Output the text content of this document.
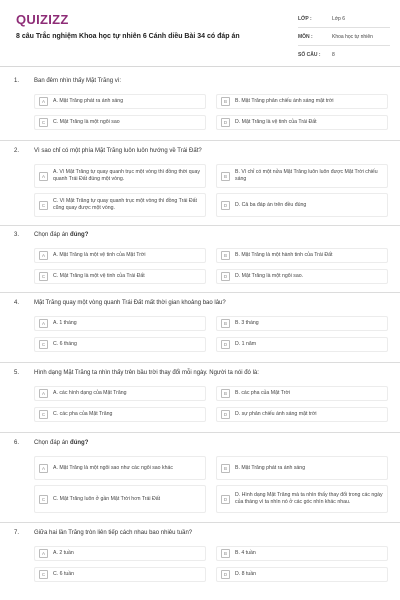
QUIZIZZ
8 câu Trắc nghiệm Khoa học tự nhiên 6 Cánh diều Bài 34 có đáp án
LỚP :	Lớp 6
MÔN :	Khoa học tự nhiên
SỐ CÂU :	8
1. Ban đêm nhìn thấy Mặt Trăng vì:
A	A. Mặt Trăng phát ra ánh sáng	B	B. Mặt Trăng phản chiếu ánh sáng mặt trời
C	C. Mặt Trăng là một ngôi sao	D	D. Mặt Trăng là vệ tinh của Trái Đất
2. Vì sao chỉ có một phía Mặt Trăng luôn luôn hướng về Trái Đất?
A
A. Vì Mặt Trăng tự quay quanh trục một vòng thì đồng thời quay quanh Trái Đất đúng một vòng.	B
B. Vì chỉ có một nửa Mặt Trăng luôn luôn được Mặt Trời chiếu sáng
C
C. Vì Mặt Trăng tự quay quanh trục một vòng thì đồng Trái Đất cũng quay được một vòng.	D	D. Cả ba đáp án trên đều đúng
3. Chọn đáp án đúng?
A	A. Mặt Trăng là một vệ tinh của Mặt Trời	B	B. Mặt Trăng là một hành tinh của Trái Đất
C	C. Mặt Trăng là một vệ tinh của Trái Đất	D	D. Mặt Trăng là một ngôi sao.
4. Mặt Trăng quay một vòng quanh Trái Đất mất thời gian khoảng bao lâu?
A	A. 1 tháng	B	B. 3 tháng
C	C. 6 tháng	D	D. 1 năm
5. Hình dạng Mặt Trăng ta nhìn thấy trên bầu trời thay đổi mỗi ngày. Người ta nói đó là:
A	A. các hình dạng của Mặt Trăng	B	B. các pha của Mặt Trời
C	C. các pha của Mặt Trăng	D	D. sự phản chiếu ánh sáng mặt trời
6. Chọn đáp án đúng?
A	A. Mặt Trăng là một ngôi sao như các ngôi sao khác	B	B. Mặt Trăng phát ra ánh sáng
C	C. Mặt Trăng luôn ở gần Mặt Trời hơn Trái Đất	D
D. Hình dạng Mặt Trăng mà ta nhìn thấy thay đổi trong các ngày của tháng vì ta nhìn nó ở các góc nhìn khác nhau.
7. Giữa hai lần Trăng tròn liên tiếp cách nhau bao nhiêu tuần?
A	A. 2 tuần	B	B. 4 tuần
C	C. 6 tuần	D	D. 8 tuần
